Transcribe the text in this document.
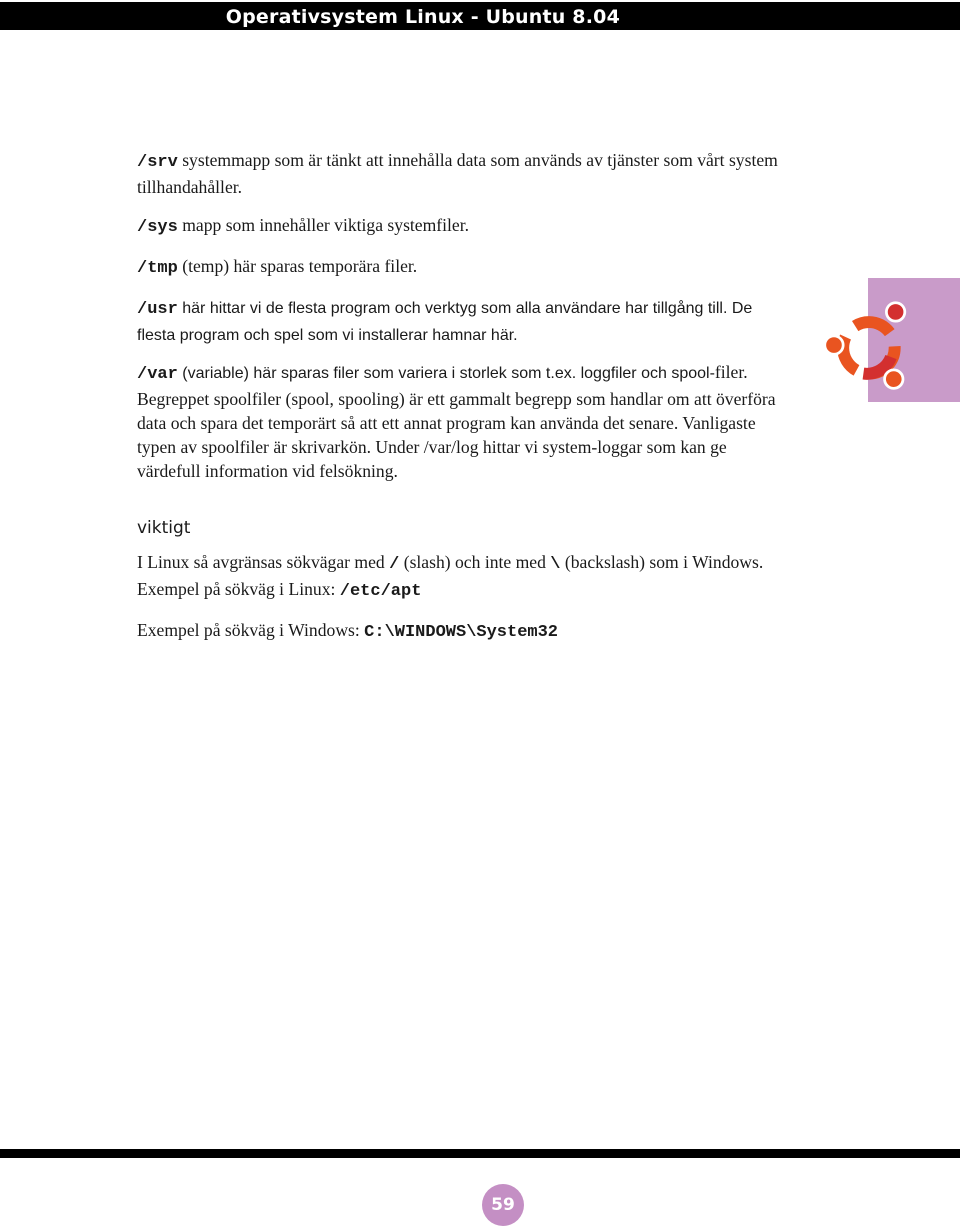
Operativsystem Linux - Ubuntu 8.04

/srv systemmapp som är tänkt att innehålla data som används av tjänster som vårt system tillhandahåller.

/sys mapp som innehåller viktiga systemfiler.

/tmp (temp) här sparas temporära filer.

/usr här hittar vi de flesta program och verktyg som alla användare har tillgång till. De flesta program och spel som vi installerar hamnar här.

/var (variable) här sparas filer som variera i storlek som t.ex. loggfiler och spool-filer. Begreppet spoolfiler (spool, spooling) är ett gammalt begrepp som handlar om att överföra data och spara det temporärt så att ett annat program kan använda det senare. Vanligaste typen av spoolfiler är skrivarkön. Under /var/log hittar vi system-loggar som kan ge värdefull information vid felsökning.

viktigt

I Linux så avgränsas sökvägar med / (slash) och inte med \ (backslash) som i Windows. Exempel på sökväg i Linux: /etc/apt

Exempel på sökväg i Windows: C:\WINDOWS\System32

59
